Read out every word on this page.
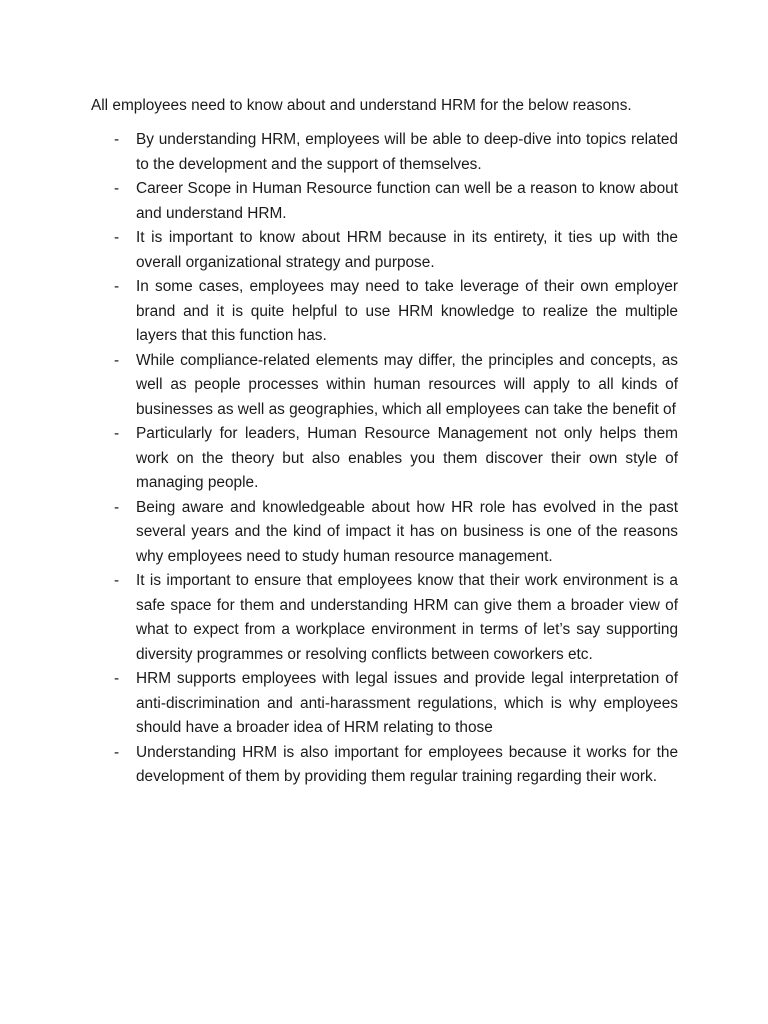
All employees need to know about and understand HRM for the below reasons.

-	By understanding HRM, employees will be able to deep-dive into topics related to the development and the support of themselves.
-	Career Scope in Human Resource function can well be a reason to know about and understand HRM.
-	It is important to know about HRM because in its entirety, it ties up with the overall organizational strategy and purpose.
-	In some cases, employees may need to take leverage of their own employer brand and it is quite helpful to use HRM knowledge to realize the multiple layers that this function has.
-	While compliance-related elements may differ, the principles and concepts, as well as people processes within human resources will apply to all kinds of businesses as well as geographies, which all employees can take the benefit of
-	Particularly for leaders, Human Resource Management not only helps them work on the theory but also enables you them discover their own style of managing people.
-	Being aware and knowledgeable about how HR role has evolved in the past several years and the kind of impact it has on business is one of the reasons why employees need to study human resource management.
-	It is important to ensure that employees know that their work environment is a safe space for them and understanding HRM can give them a broader view of what to expect from a workplace environment in terms of let’s say supporting diversity programmes or resolving conflicts between coworkers etc.
-	HRM supports employees with legal issues and provide legal interpretation of anti-discrimination and anti-harassment regulations, which is why employees should have a broader idea of HRM relating to those
-	Understanding HRM is also important for employees because it works for the development of them by providing them regular training regarding their work.
